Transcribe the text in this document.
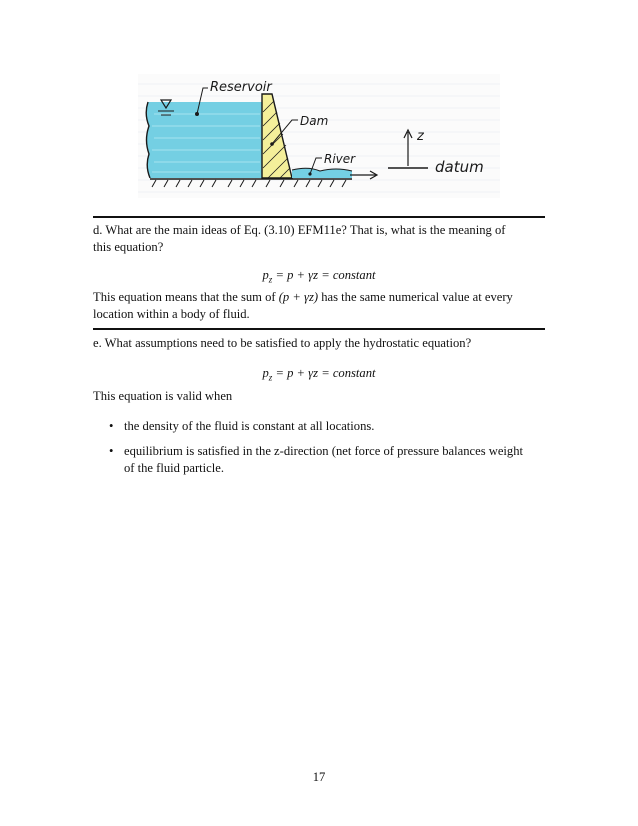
Reservoir
Dam
River
z
datum
d. What are the main ideas of Eq. (3.10) EFM11e? That is, what is the meaning of
this equation?
$p_z = p + \gamma z$ = constant
This equation means that the sum of (p + γz) has the same numerical value at every
location within a body of fluid.
e. What assumptions need to be satisfied to apply the hydrostatic equation?
$p_z = p + \gamma z$ = constant
This equation is valid when
• the density of the fluid is constant at all locations.
• equilibrium is satisfied in the z-direction (net force of pressure balances weight
of the fluid particle.
17
